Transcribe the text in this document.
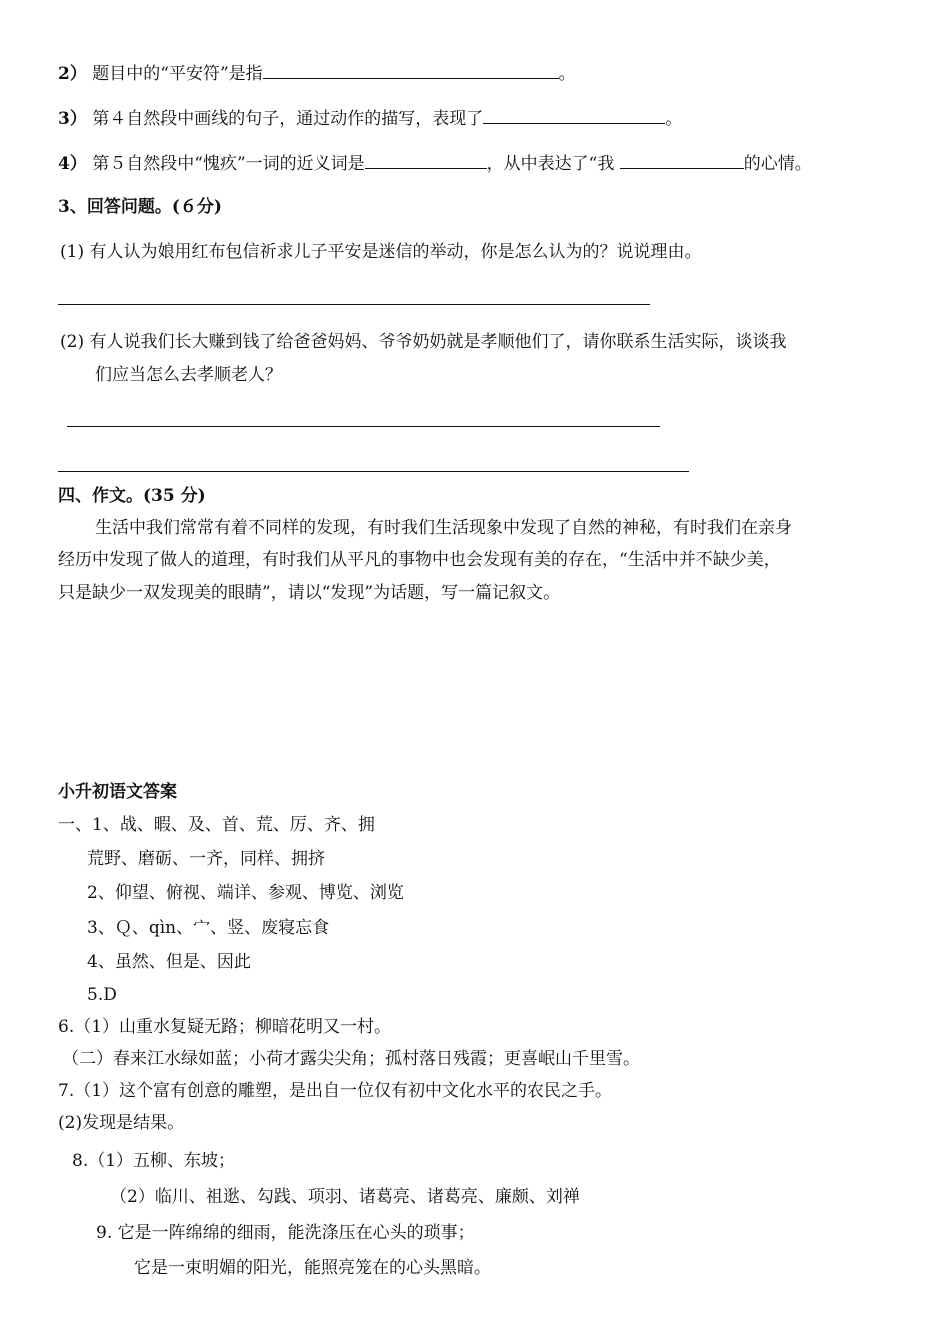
2） 题目中的“平安符”是指	。
3） 第４自然段中画线的句子，通过动作的描写，表现了	。
4） 第５自然段中“愧疚”一词的近义词是	，从中表达了“我	的心情。
3、回答问题。(６分)
(1) 有人认为娘用红布包信祈求儿子平安是迷信的举动，你是怎么认为的？说说理由。
(2) 有人说我们长大赚到钱了给爸爸妈妈、爷爷奶奶就是孝顺他们了，请你联系生活实际，谈谈我
们应当怎么去孝顺老人？
四、作文。(35 分)
生活中我们常常有着不同样的发现，有时我们生活现象中发现了自然的神秘，有时我们在亲身
经历中发现了做人的道理，有时我们从平凡的事物中也会发现有美的存在，“生活中并不缺少美，
只是缺少一双发现美的眼睛”，请以“发现”为话题，写一篇记叙文。
小升初语文答案
一、1、战、暇、及、首、荒、厉、齐、拥
荒野、磨砺、一齐，同样、拥挤
2、仰望、俯视、端详、参观、博览、浏览
3、Ｑ、qìn、宀、竖、废寝忘食
4、虽然、但是、因此
5.D
6.（1）山重水复疑无路；柳暗花明又一村。
（二）春来江水绿如蓝；小荷才露尖尖角；孤村落日残霞；更喜岷山千里雪。
7.（1）这个富有创意的雕塑，是出自一位仅有初中文化水平的农民之手。
(2)发现是结果。
8.（1）五柳、东坡；
（2）临川、祖逖、勾践、项羽、诸葛亮、诸葛亮、廉颇、刘禅
9. 它是一阵绵绵的细雨，能洗涤压在心头的琐事；
它是一束明媚的阳光，能照亮笼在的心头黑暗。
